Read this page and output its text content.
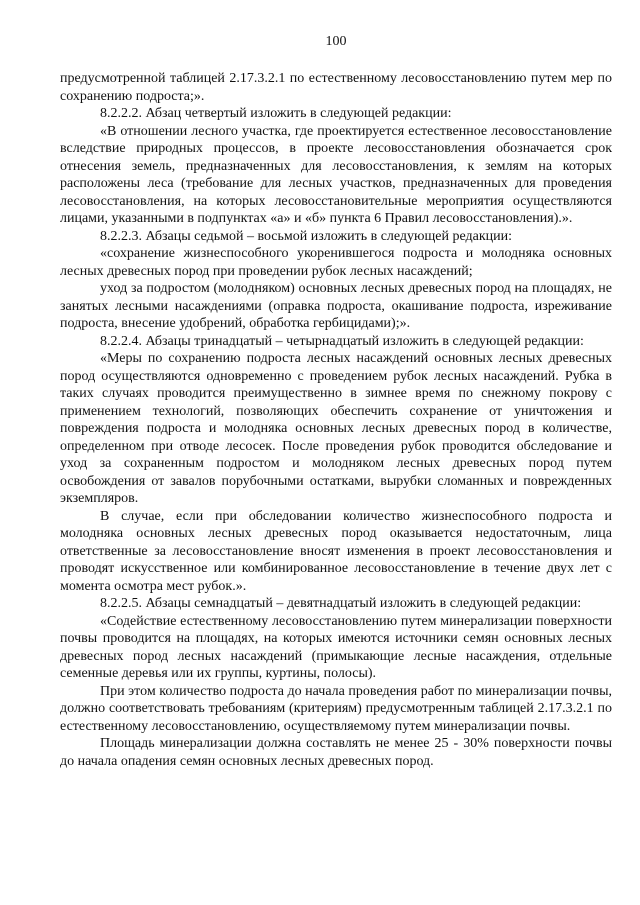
100

предусмотренной таблицей 2.17.3.2.1 по естественному лесовосстановлению путем мер по сохранению подроста;».

8.2.2.2. Абзац четвертый изложить в следующей редакции:

«В отношении лесного участка, где проектируется естественное лесовосстановление вследствие природных процессов, в проекте лесовосстановления обозначается срок отнесения земель, предназначенных для лесовосстановления, к землям на которых расположены леса (требование для лесных участков, предназначенных для проведения лесовосстановления, на которых лесовосстановительные мероприятия осуществляются лицами, указанными в подпунктах «а» и «б» пункта 6 Правил лесовосстановления).».

8.2.2.3. Абзацы седьмой – восьмой изложить в следующей редакции:

«сохранение жизнеспособного укоренившегося подроста и молодняка основных лесных древесных пород при проведении рубок лесных насаждений;

уход за подростом (молодняком) основных лесных древесных пород на площадях, не занятых лесными насаждениями (оправка подроста, окашивание подроста, изреживание подроста, внесение удобрений, обработка гербицидами);».

8.2.2.4. Абзацы тринадцатый – четырнадцатый изложить в следующей редакции:

«Меры по сохранению подроста лесных насаждений основных лесных древесных пород осуществляются одновременно с проведением рубок лесных насаждений. Рубка в таких случаях проводится преимущественно в зимнее время по снежному покрову с применением технологий, позволяющих обеспечить сохранение от уничтожения и повреждения подроста и молодняка основных лесных древесных пород в количестве, определенном при отводе лесосек. После проведения рубок проводится обследование и уход за сохраненным подростом и молодняком лесных древесных пород путем освобождения от завалов порубочными остатками, вырубки сломанных и поврежденных экземпляров.

В случае, если при обследовании количество жизнеспособного подроста и молодняка основных лесных древесных пород оказывается недостаточным, лица ответственные за лесовосстановление вносят изменения в проект лесовосстановления и проводят искусственное или комбинированное лесовосстановление в течение двух лет с момента осмотра мест рубок.».

8.2.2.5. Абзацы семнадцатый – девятнадцатый изложить в следующей редакции:

«Содействие естественному лесовосстановлению путем минерализации поверхности почвы проводится на площадях, на которых имеются источники семян основных лесных древесных пород лесных насаждений (примыкающие лесные насаждения, отдельные семенные деревья или их группы, куртины, полосы).

При этом количество подроста до начала проведения работ по минерализации почвы, должно соответствовать требованиям (критериям) предусмотренным таблицей 2.17.3.2.1 по естественному лесовосстановлению, осуществляемому путем минерализации почвы.

Площадь минерализации должна составлять не менее 25 - 30% поверхности почвы до начала опадения семян основных лесных древесных пород.
